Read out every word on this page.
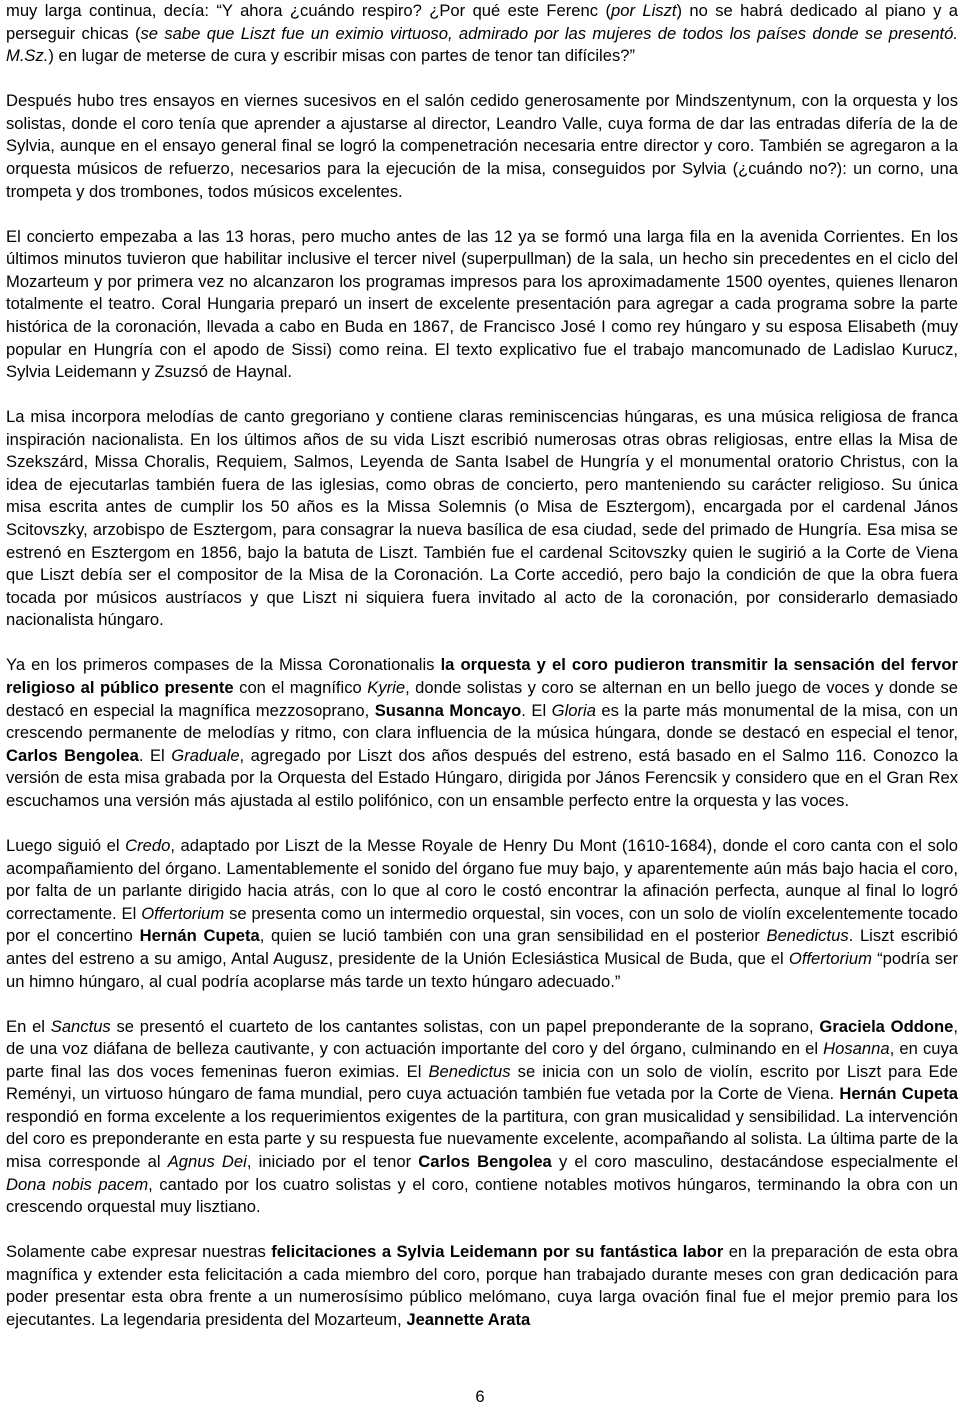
muy larga continua, decía: “Y ahora ¿cuándo respiro? ¿Por qué este Ferenc (por Liszt) no se habrá dedicado al piano y a perseguir chicas (se sabe que Liszt fue un eximio virtuoso, admirado por las mujeres de todos los países donde se presentó. M.Sz.) en lugar de meterse de cura y escribir misas con partes de tenor tan difíciles?”

Después hubo tres ensayos en viernes sucesivos en el salón cedido generosamente por Mindszentynum, con la orquesta y los solistas, donde el coro tenía que aprender a ajustarse al director, Leandro Valle, cuya forma de dar las entradas difería de la de Sylvia, aunque en el ensayo general final se logró la compenetración necesaria entre director y coro. También se agregaron a la orquesta músicos de refuerzo, necesarios para la ejecución de la misa, conseguidos por Sylvia (¿cuándo no?): un corno, una trompeta y dos trombones, todos músicos excelentes.

El concierto empezaba a las 13 horas, pero mucho antes de las 12 ya se formó una larga fila en la avenida Corrientes. En los últimos minutos tuvieron que habilitar inclusive el tercer nivel (superpullman) de la sala, un hecho sin precedentes en el ciclo del Mozarteum y por primera vez no alcanzaron los programas impresos para los aproximadamente 1500 oyentes, quienes llenaron totalmente el teatro. Coral Hungaria preparó un insert de excelente presentación para agregar a cada programa sobre la parte histórica de la coronación, llevada a cabo en Buda en 1867, de Francisco José I como rey húngaro y su esposa Elisabeth (muy popular en Hungría con el apodo de Sissi) como reina. El texto explicativo fue el trabajo mancomunado de Ladislao Kurucz, Sylvia Leidemann y Zsuzsó de Haynal.

La misa incorpora melodías de canto gregoriano y contiene claras reminiscencias húngaras, es una música religiosa de franca inspiración nacionalista. En los últimos años de su vida Liszt escribió numerosas otras obras religiosas, entre ellas la Misa de Szekszárd, Missa Choralis, Requiem, Salmos, Leyenda de Santa Isabel de Hungría y el monumental oratorio Christus, con la idea de ejecutarlas también fuera de las iglesias, como obras de concierto, pero manteniendo su carácter religioso. Su única misa escrita antes de cumplir los 50 años es la Missa Solemnis (o Misa de Esztergom), encargada por el cardenal János Scitovszky, arzobispo de Esztergom, para consagrar la nueva basílica de esa ciudad, sede del primado de Hungría. Esa misa se estrenó en Esztergom en 1856, bajo la batuta de Liszt. También fue el cardenal Scitovszky quien le sugirió a la Corte de Viena que Liszt debía ser el compositor de la Misa de la Coronación. La Corte accedió, pero bajo la condición de que la obra fuera tocada por músicos austríacos y que Liszt ni siquiera fuera invitado al acto de la coronación, por considerarlo demasiado nacionalista húngaro.

Ya en los primeros compases de la Missa Coronationalis la orquesta y el coro pudieron transmitir la sensación del fervor religioso al público presente con el magnífico Kyrie, donde solistas y coro se alternan en un bello juego de voces y donde se destacó en especial la magnífica mezzosoprano, Susanna Moncayo. El Gloria es la parte más monumental de la misa, con un crescendo permanente de melodías y ritmo, con clara influencia de la música húngara, donde se destacó en especial el tenor, Carlos Bengolea. El Graduale, agregado por Liszt dos años después del estreno, está basado en el Salmo 116. Conozco la versión de esta misa grabada por la Orquesta del Estado Húngaro, dirigida por János Ferencsik y considero que en el Gran Rex escuchamos una versión más ajustada al estilo polifónico, con un ensamble perfecto entre la orquesta y las voces.

Luego siguió el Credo, adaptado por Liszt de la Messe Royale de Henry Du Mont (1610-1684), donde el coro canta con el solo acompañamiento del órgano. Lamentablemente el sonido del órgano fue muy bajo, y aparentemente aún más bajo hacia el coro, por falta de un parlante dirigido hacia atrás, con lo que al coro le costó encontrar la afinación perfecta, aunque al final lo logró correctamente. El Offertorium se presenta como un intermedio orquestal, sin voces, con un solo de violín excelentemente tocado por el concertino Hernán Cupeta, quien se lució también con una gran sensibilidad en el posterior Benedictus. Liszt escribió antes del estreno a su amigo, Antal Augusz, presidente de la Unión Eclesiástica Musical de Buda, que el Offertorium “podría ser un himno húngaro, al cual podría acoplarse más tarde un texto húngaro adecuado.”

En el Sanctus se presentó el cuarteto de los cantantes solistas, con un papel preponderante de la soprano, Graciela Oddone, de una voz diáfana de belleza cautivante, y con actuación importante del coro y del órgano, culminando en el Hosanna, en cuya parte final las dos voces femeninas fueron eximias. El Benedictus se inicia con un solo de violín, escrito por Liszt para Ede Reményi, un virtuoso húngaro de fama mundial, pero cuya actuación también fue vetada por la Corte de Viena. Hernán Cupeta respondió en forma excelente a los requerimientos exigentes de la partitura, con gran musicalidad y sensibilidad. La intervención del coro es preponderante en esta parte y su respuesta fue nuevamente excelente, acompañando al solista. La última parte de la misa corresponde al Agnus Dei, iniciado por el tenor Carlos Bengolea y el coro masculino, destacándose especialmente el Dona nobis pacem, cantado por los cuatro solistas y el coro, contiene notables motivos húngaros, terminando la obra con un crescendo orquestal muy lisztiano.

Solamente cabe expresar nuestras felicitaciones a Sylvia Leidemann por su fantástica labor en la preparación de esta obra magnífica y extender esta felicitación a cada miembro del coro, porque han trabajado durante meses con gran dedicación para poder presentar esta obra frente a un numerosísimo público melómano, cuya larga ovación final fue el mejor premio para los ejecutantes. La legendaria presidenta del Mozarteum, Jeannette Arata

6
